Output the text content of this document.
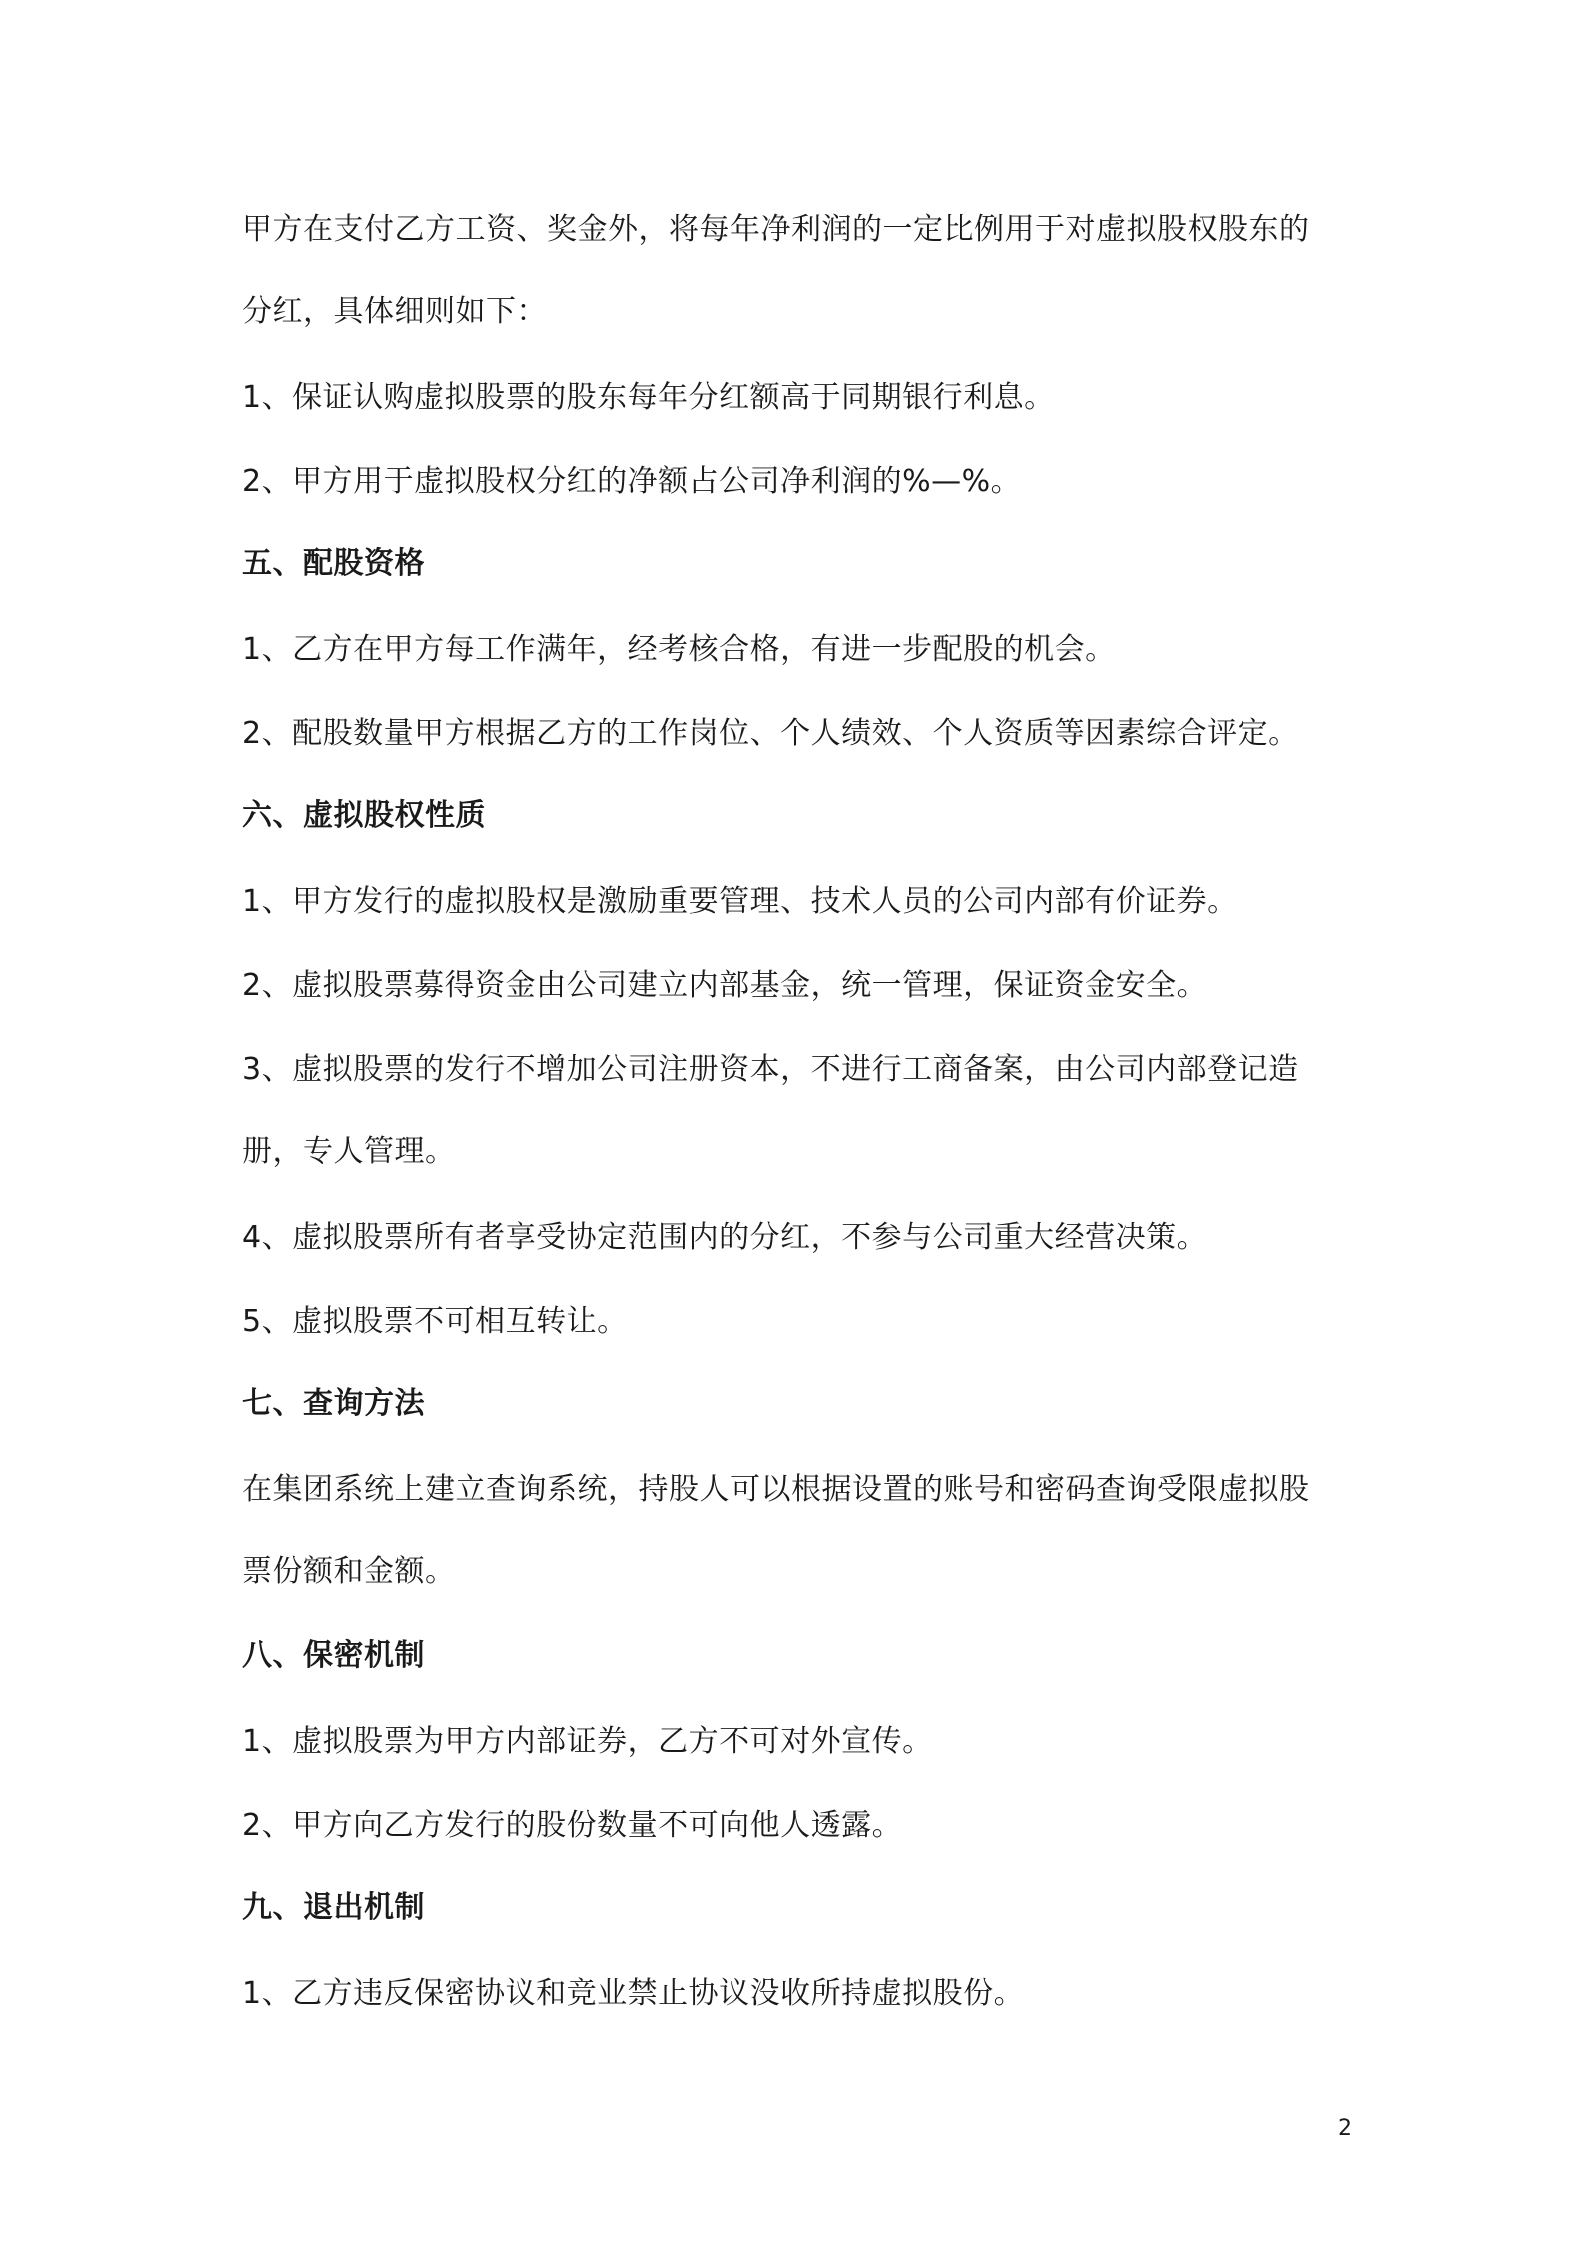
甲方在支付乙方工资、奖金外，将每年净利润的一定比例用于对虚拟股权股东的
分红，具体细则如下：
1、保证认购虚拟股票的股东每年分红额高于同期银行利息。
2、甲方用于虚拟股权分红的净额占公司净利润的%—%。
五、配股资格
1、乙方在甲方每工作满年，经考核合格，有进一步配股的机会。
2、配股数量甲方根据乙方的工作岗位、个人绩效、个人资质等因素综合评定。
六、虚拟股权性质
1、甲方发行的虚拟股权是激励重要管理、技术人员的公司内部有价证券。
2、虚拟股票募得资金由公司建立内部基金，统一管理，保证资金安全。
3、虚拟股票的发行不增加公司注册资本，不进行工商备案，由公司内部登记造
册，专人管理。
4、虚拟股票所有者享受协定范围内的分红，不参与公司重大经营决策。
5、虚拟股票不可相互转让。
七、查询方法
在集团系统上建立查询系统，持股人可以根据设置的账号和密码查询受限虚拟股
票份额和金额。
八、保密机制
1、虚拟股票为甲方内部证券，乙方不可对外宣传。
2、甲方向乙方发行的股份数量不可向他人透露。
九、退出机制
1、乙方违反保密协议和竞业禁止协议没收所持虚拟股份。
2
